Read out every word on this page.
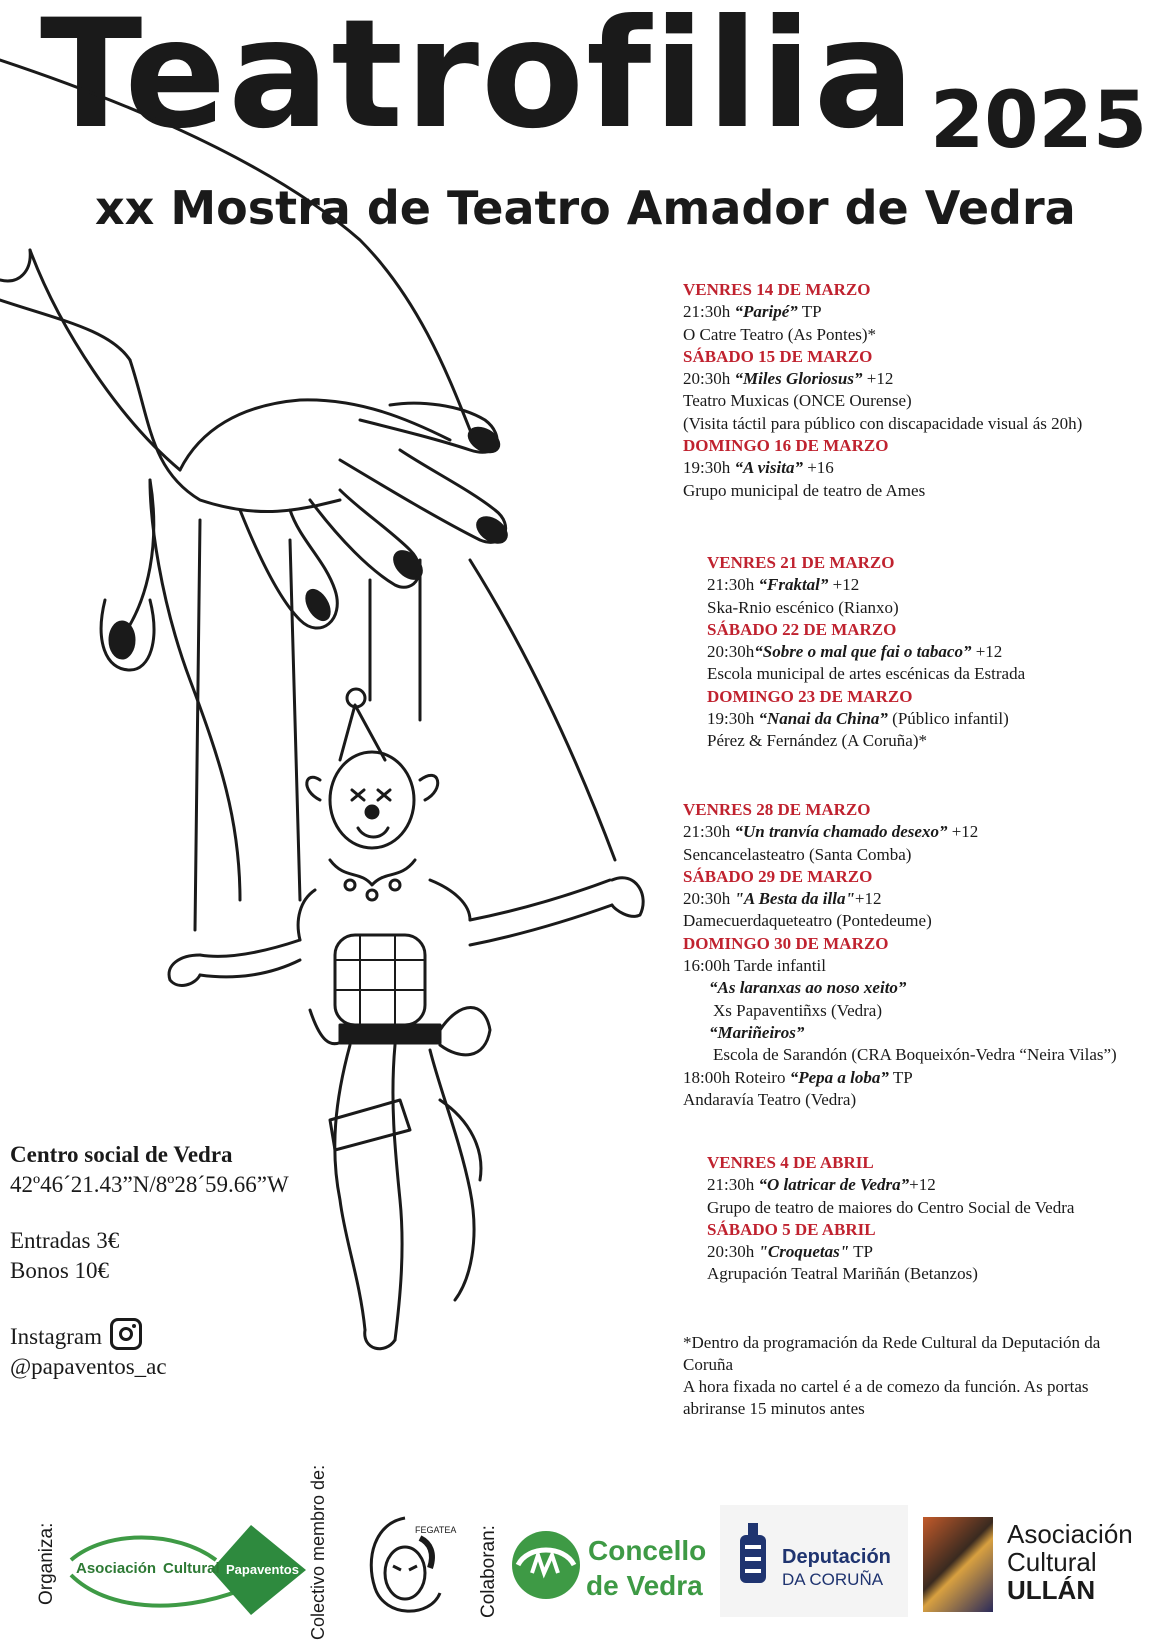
Teatrofilia 2025
xx Mostra de Teatro Amador de Vedra
VENRES 14 DE MARZO
21:30h “Paripé” TP
O Catre Teatro (As Pontes)*
SÁBADO 15 DE MARZO
20:30h “Miles Gloriosus” +12
Teatro Muxicas (ONCE Ourense)
(Visita táctil para público con discapacidade visual ás 20h)
DOMINGO 16 DE MARZO
19:30h “A visita” +16
Grupo municipal de teatro de Ames
VENRES 21 DE MARZO
21:30h “Fraktal” +12
Ska-Rnio escénico (Rianxo)
SÁBADO 22 DE MARZO
20:30h“Sobre o mal que fai o tabaco” +12
Escola municipal de artes escénicas da Estrada
DOMINGO 23 DE MARZO
19:30h “Nanai da China” (Público infantil)
Pérez & Fernández (A Coruña)*
VENRES 28 DE MARZO
21:30h “Un tranvía chamado desexo” +12
Sencancelasteatro (Santa Comba)
SÁBADO 29 DE MARZO
20:30h "A Besta da illa"+12
Damecuerdaqueteatro (Pontedeume)
DOMINGO 30 DE MARZO
16:00h Tarde infantil
“As laranxas ao noso xeito”
Xs Papaventiñxs (Vedra)
“Mariñeiros”
Escola de Sarandón (CRA Boqueixón-Vedra “Neira Vilas”)
18:00h Roteiro “Pepa a loba” TP
Andaravía Teatro (Vedra)
VENRES 4 DE ABRIL
21:30h “O latricar de Vedra”+12
Grupo de teatro de maiores do Centro Social de Vedra
SÁBADO 5 DE ABRIL
20:30h "Croquetas" TP
Agrupación Teatral Mariñán (Betanzos)
Centro social de Vedra
42º46´21.43”N/8º28´59.66”W
Entradas 3€
Bonos 10€
Instagram
@papaventos_ac
*Dentro da programación da Rede Cultural da Deputación da Coruña
A hora fixada no cartel é a de comezo da función. As portas abriranse 15 minutos antes
Organiza:	Colectivo membro de:	Colaboran:
Asociación Cultural Papaventos
FEGATEA
Concello
de Vedra
Deputación
DA CORUÑA
Asociación
Cultural
ULLÁN
